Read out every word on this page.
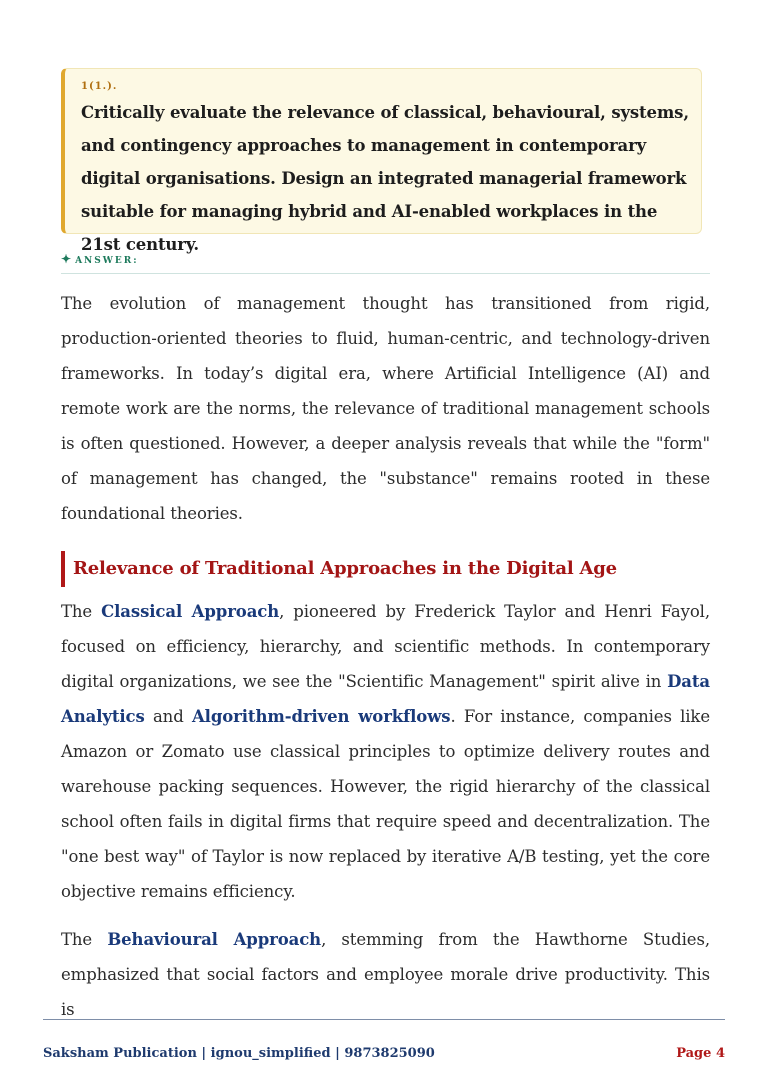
1(1.).
Critically evaluate the relevance of classical, behavioural, systems, and contingency approaches to management in contemporary digital organisations. Design an integrated managerial framework suitable for managing hybrid and AI-enabled workplaces in the 21st century.
✦ ANSWER:

The evolution of management thought has transitioned from rigid, production-oriented theories to fluid, human-centric, and technology-driven frameworks. In today’s digital era, where Artificial Intelligence (AI) and remote work are the norms, the relevance of traditional management schools is often questioned. However, a deeper analysis reveals that while the "form" of management has changed, the "substance" remains rooted in these foundational theories.

Relevance of Traditional Approaches in the Digital Age

The Classical Approach, pioneered by Frederick Taylor and Henri Fayol, focused on efficiency, hierarchy, and scientific methods. In contemporary digital organizations, we see the "Scientific Management" spirit alive in Data Analytics and Algorithm-driven workflows. For instance, companies like Amazon or Zomato use classical principles to optimize delivery routes and warehouse packing sequences. However, the rigid hierarchy of the classical school often fails in digital firms that require speed and decentralization. The "one best way" of Taylor is now replaced by iterative A/B testing, yet the core objective remains efficiency.

The Behavioural Approach, stemming from the Hawthorne Studies, emphasized that social factors and employee morale drive productivity. This is

Saksham Publication | ignou_simplified | 9873825090	Page 4
